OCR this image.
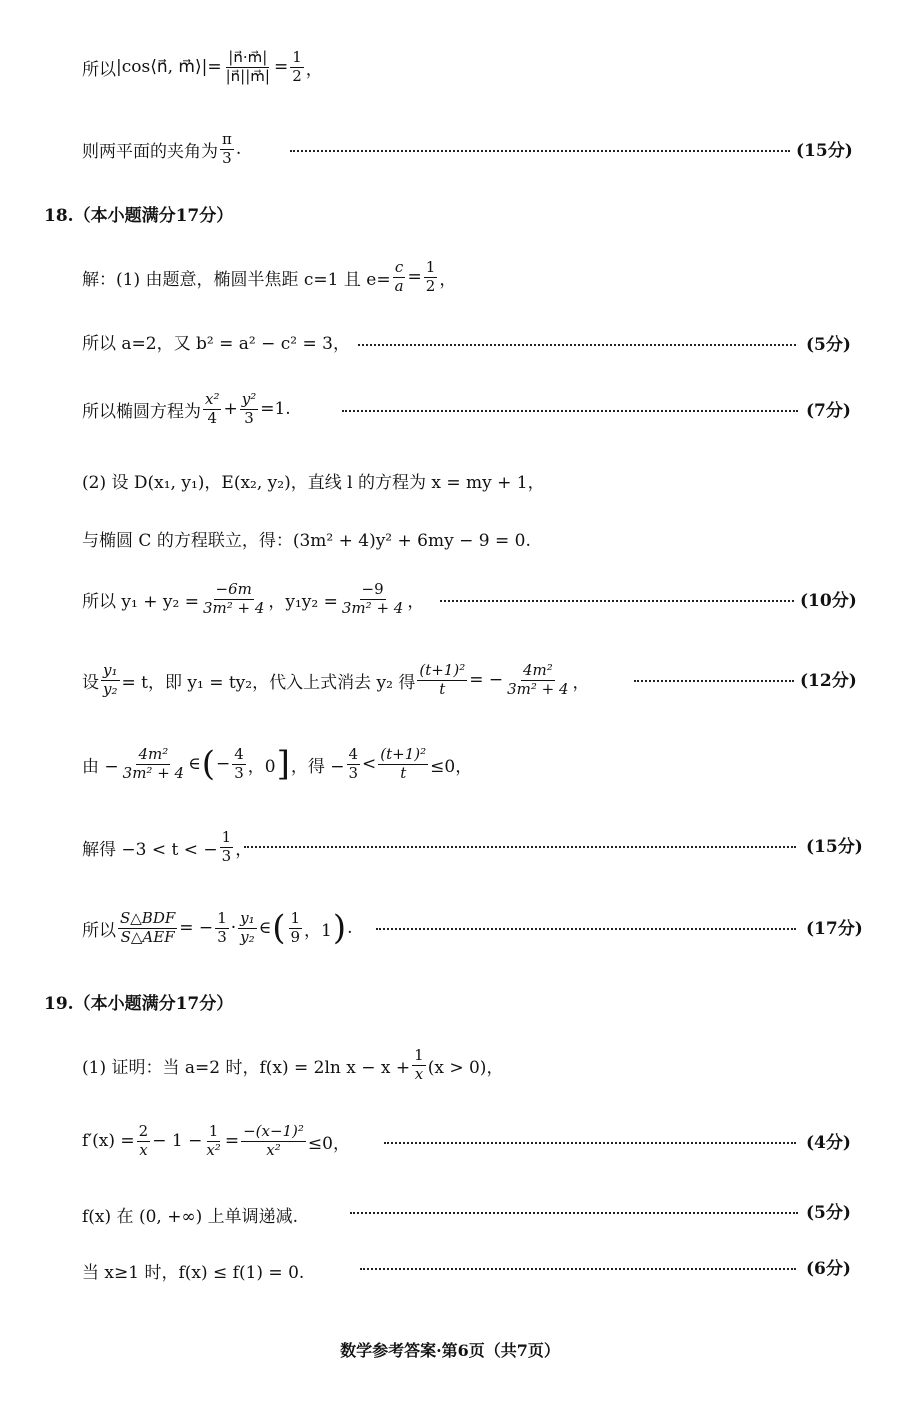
所以 |cos⟨n⃗, m⃗⟩|= $\frac{|n⃗\cdot m⃗|}{|n⃗||m⃗|} = \frac{1}{2}$ ，
则两平面的夹角为 $\frac{\pi}{3}$ .	(15分)
18.（本小题满分17分）
解：(1) 由题意，椭圆半焦距 c=1 且 $e= \frac{c}{a} = \frac{1}{2}$ ，
所以 a=2，又 b² = a² − c² = 3，	(5分)
所以椭圆方程为 $\frac{\text{x²}}{4} + \frac{\text{y²}}{3} =1$.	(7分)
(2) 设 D(x₁, y₁)，E(x₂, y₂)，直线 l 的方程为 x = my + 1，
与椭圆 C 的方程联立，得：(3m² + 4)y² + 6my − 9 = 0.
所以 $y_1 + y_2 = \frac{-6m}{\text{3m² + 4}}$ ，$y_1y_2 = \frac{-9}{\text{3m² + 4}}$ ，	(10分)
设 $\frac{\text{y₁}}{\text{y₂}} = t$，即 y₁ = ty₂，代入上式消去 y₂ 得 $\frac{\text{(t+1)²}}{t}$ = − $\frac{\text{4m²}}{\text{3m² + 4}}$ ，	(12分)
由 − $\frac{\text{4m²}}{\text{3m² + 4}}$ ∈ ( − $\frac{4}{3}$ ，0 ] ，得 − $\frac{4}{3} < \frac{\text{(t+1)²}}{t} \le 0$，
解得 −3 < t < − $\frac{1}{3}$ ，	(15分)
所以 $\frac{\text{S△BDF}}{\text{S△AEF}}$ = − $\frac{1}{3} \cdot \frac{\text{y₁}}{\text{y₂}}$ ∈ ( $\frac{1}{9}$ ，1 ) .	(17分)
19.（本小题满分17分）
(1) 证明：当 a=2 时，f(x) = 2ln $x - x + \frac{1}{x} (x > 0)$，
$f'(x) = \frac{2}{x} - 1 - \frac{1}{\text{x²}} = \frac{\text{−(x−1)²}}{\text{x²}} \le 0$，	(4分)
f(x) 在 (0, +∞) 上单调递减.	(5分)
当 x≥1 时，f(x) ≤ f(1) = 0.	(6分)
数学参考答案·第6页（共7页）
